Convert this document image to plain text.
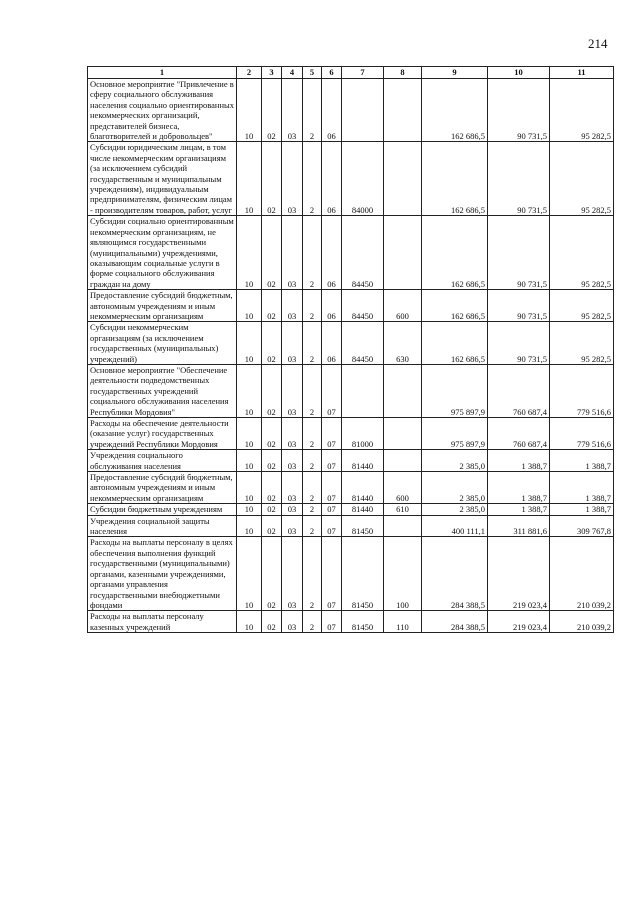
214
1	2	3	4	5	6	7	8	9	10	11
Основное мероприятие "Привлечение в сферу социального обслуживания населения социально ориентированных некоммерческих организаций, представителей бизнеса, благотворителей и добровольцев"	10	02	03	2	06			162 686,5	90 731,5	95 282,5
Субсидии юридическим лицам, в том числе некоммерческим организациям (за исключением субсидий государственным и муниципальным учреждениям), индивидуальным предпринимателям, физическим лицам - производителям товаров, работ, услуг	10	02	03	2	06	84000		162 686,5	90 731,5	95 282,5
Субсидии социально ориентированным некоммерческим организациям, не являющимся государственными (муниципальными) учреждениями, оказывающим социальные услуги в форме социального обслуживания граждан на дому	10	02	03	2	06	84450		162 686,5	90 731,5	95 282,5
Предоставление субсидий бюджетным, автономным учреждениям и иным некоммерческим организациям	10	02	03	2	06	84450	600	162 686,5	90 731,5	95 282,5
Субсидии некоммерческим организациям (за исключением государственных (муниципальных) учреждений)	10	02	03	2	06	84450	630	162 686,5	90 731,5	95 282,5
Основное мероприятие "Обеспечение деятельности подведомственных государственных учреждений социального обслуживания населения Республики Мордовия"	10	02	03	2	07			975 897,9	760 687,4	779 516,6
Расходы на обеспечение деятельности (оказание услуг) государственных учреждений Республики Мордовия	10	02	03	2	07	81000		975 897,9	760 687,4	779 516,6
Учреждения социального обслуживания населения	10	02	03	2	07	81440		2 385,0	1 388,7	1 388,7
Предоставление субсидий бюджетным, автономным учреждениям и иным некоммерческим организациям	10	02	03	2	07	81440	600	2 385,0	1 388,7	1 388,7
Субсидии бюджетным учреждениям	10	02	03	2	07	81440	610	2 385,0	1 388,7	1 388,7
Учреждения социальной защиты населения	10	02	03	2	07	81450		400 111,1	311 881,6	309 767,8
Расходы на выплаты персоналу в целях обеспечения выполнения функций государственными (муниципальными) органами, казенными учреждениями, органами управления государственными внебюджетными фондами	10	02	03	2	07	81450	100	284 388,5	219 023,4	210 039,2
Расходы на выплаты персоналу казенных учреждений	10	02	03	2	07	81450	110	284 388,5	219 023,4	210 039,2
